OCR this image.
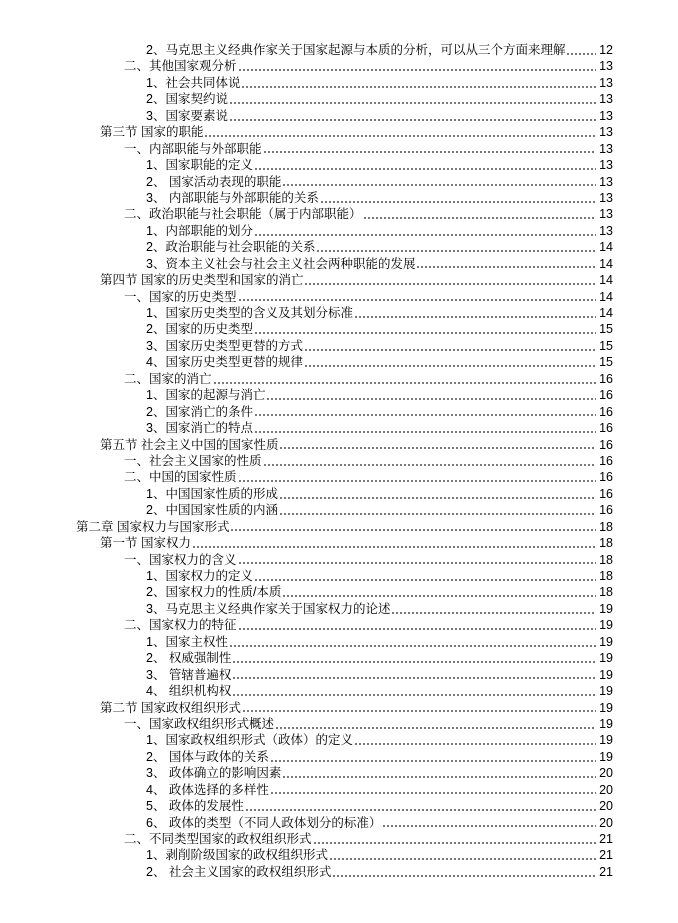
2、马克思主义经典作家关于国家起源与本质的分析，可以从三个方面来理解	12
二、其他国家观分析	13
1、社会共同体说	13
2、国家契约说	13
3、国家要素说	13
第三节 国家的职能	13
一、内部职能与外部职能	13
1、国家职能的定义	13
2、 国家活动表现的职能	13
3、 内部职能与外部职能的关系	13
二、政治职能与社会职能（属于内部职能）	13
1、内部职能的划分	13
2、政治职能与社会职能的关系	14
3、资本主义社会与社会主义社会两种职能的发展	14
第四节 国家的历史类型和国家的消亡	14
一、国家的历史类型	14
1、国家历史类型的含义及其划分标准	14
2、国家的历史类型	15
3、国家历史类型更替的方式	15
4、国家历史类型更替的规律	15
二、国家的消亡	16
1、国家的起源与消亡	16
2、国家消亡的条件	16
3、国家消亡的特点	16
第五节 社会主义中国的国家性质	16
一、社会主义国家的性质	16
二、中国的国家性质	16
1、中国国家性质的形成	16
2、中国国家性质的内涵	16
第二章 国家权力与国家形式	18
第一节 国家权力	18
一、国家权力的含义	18
1、国家权力的定义	18
2、国家权力的性质/本质	18
3、马克思主义经典作家关于国家权力的论述	19
二、国家权力的特征	19
1、国家主权性	19
2、 权威强制性	19
3、 管辖普遍权	19
4、 组织机构权	19
第二节 国家政权组织形式	19
一、国家政权组织形式概述	19
1、国家政权组织形式（政体）的定义	19
2、 国体与政体的关系	19
3、 政体确立的影响因素	20
4、 政体选择的多样性	20
5、 政体的发展性	20
6、 政体的类型（不同人政体划分的标准）	20
二、不同类型国家的政权组织形式	21
1、剥削阶级国家的政权组织形式	21
2、 社会主义国家的政权组织形式	21
